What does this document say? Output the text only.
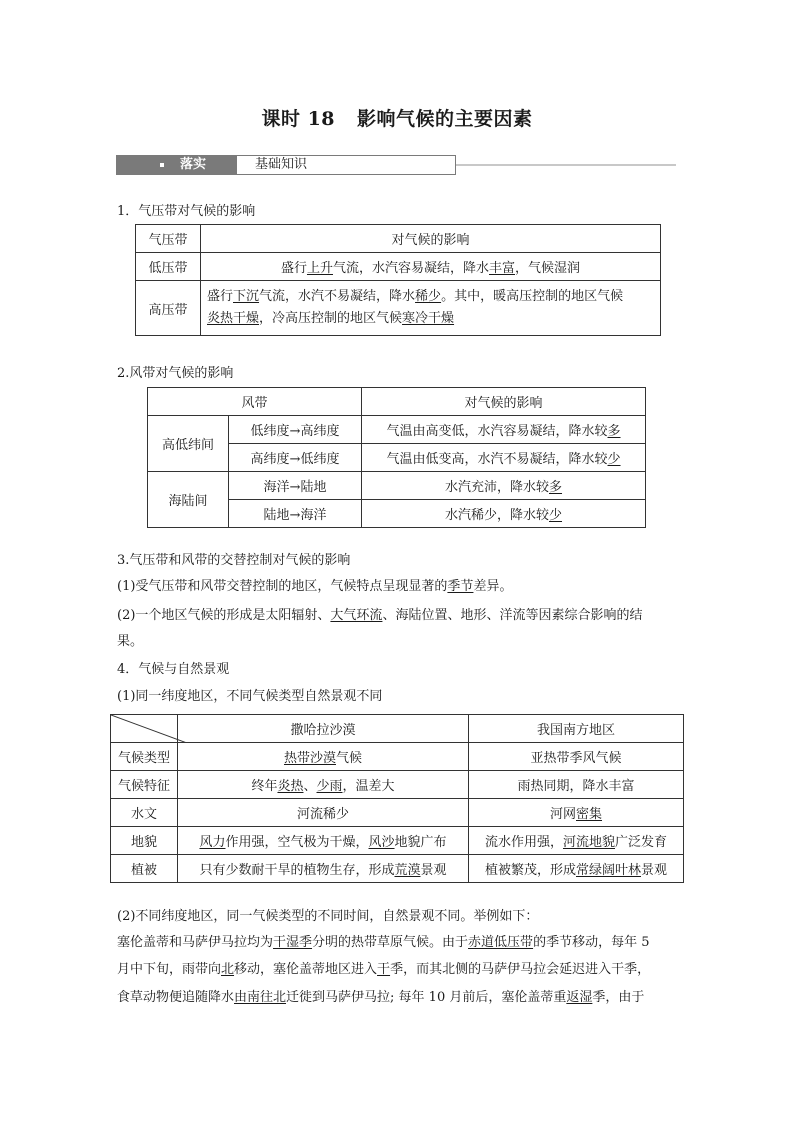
课时 18 影响气候的主要因素
落实	基础知识
1．气压带对气候的影响
气压带	对气候的影响
低压带	盛行上升气流，水汽容易凝结，降水丰富，气候湿润
高压带	盛行下沉气流，水汽不易凝结，降水稀少。其中，暖高压控制的地区气候
炎热干燥，冷高压控制的地区气候寒冷干燥
2.风带对气候的影响
风带		对气候的影响
高低纬间	低纬度→高纬度	气温由高变低，水汽容易凝结，降水较多
	高纬度→低纬度	气温由低变高，水汽不易凝结，降水较少
海陆间	海洋→陆地	水汽充沛，降水较多
	陆地→海洋	水汽稀少，降水较少
3.气压带和风带的交替控制对气候的影响
(1)受气压带和风带交替控制的地区，气候特点呈现显著的季节差异。
(2)一个地区气候的形成是太阳辐射、大气环流、海陆位置、地形、洋流等因素综合影响的结
果。
4．气候与自然景观
(1)同一纬度地区，不同气候类型自然景观不同
	撒哈拉沙漠	我国南方地区
气候类型	热带沙漠气候	亚热带季风气候
气候特征	终年炎热、少雨，温差大	雨热同期，降水丰富
水文	河流稀少	河网密集
地貌	风力作用强，空气极为干燥，风沙地貌广布	流水作用强，河流地貌广泛发育
植被	只有少数耐干旱的植物生存，形成荒漠景观	植被繁茂，形成常绿阔叶林景观
(2)不同纬度地区，同一气候类型的不同时间，自然景观不同。举例如下：
塞伦盖蒂和马萨伊马拉均为干湿季分明的热带草原气候。由于赤道低压带的季节移动，每年 5
月中下旬，雨带向北移动，塞伦盖蒂地区进入干季，而其北侧的马萨伊马拉会延迟进入干季，
食草动物便追随降水由南往北迁徙到马萨伊马拉; 每年 10 月前后，塞伦盖蒂重返湿季，由于
